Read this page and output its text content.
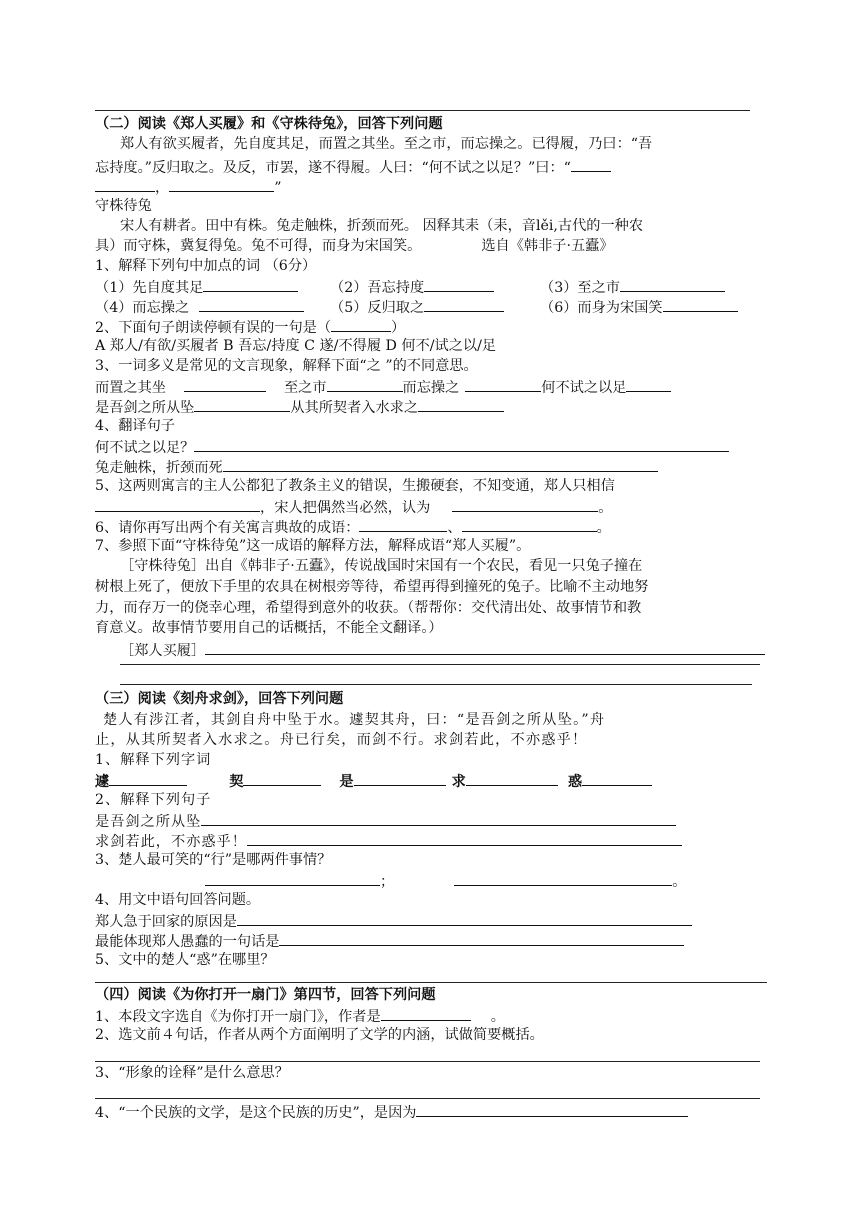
（二）阅读《郑人买履》和《守株待兔》，回答下列问题
郑人有欲买履者，先自度其足，而置之其坐。至之市，而忘操之。已得履，乃曰：“吾
忘持度。”反归取之。及反，市罢，遂不得履。人曰：“何不试之以足？”曰：“
，	”
守株待兔
宋人有耕者。田中有株。兔走触株，折颈而死。 因释其耒（耒，音lěi,古代的一种农
具）而守株，冀复得兔。兔不可得，而身为宋国笑。	选自《韩非子·五蠹》
1、解释下列句中加点的词 （6分）
（1）先自度其足	（2）吾忘持度	（3）至之市
（4）而忘操之	（5）反归取之	（6）而身为宋国笑
2、下面句子朗读停顿有误的一句是（	）
A 郑人/有欲/买履者 B 吾忘/持度 C 遂/不得履 D 何不/试之以/足
3、一词多义是常见的文言现象，解释下面“之 ”的不同意思。
而置之其坐	至之市	而忘操之	何不试之以足
是吾剑之所从坠	从其所契者入水求之
4、翻译句子
何不试之以足？
兔走触株，折颈而死
5、这两则寓言的主人公都犯了教条主义的错误，生搬硬套，不知变通，郑人只相信
，宋人把偶然当必然，认为	。
6、请你再写出两个有关寓言典故的成语：	、	。
7、参照下面“守株待兔”这一成语的解释方法，解释成语“郑人买履”。
［守株待兔］出自《韩非子·五蠹》，传说战国时宋国有一个农民，看见一只兔子撞在
树根上死了，便放下手里的农具在树根旁等待，希望再得到撞死的兔子。比喻不主动地努
力，而存万一的侥幸心理，希望得到意外的收获。（帮帮你：交代清出处、故事情节和教
育意义。故事情节要用自己的话概括，不能全文翻译。）
［郑人买履］
（三）阅读《刻舟求剑》，回答下列问题
楚人有涉江者，其剑自舟中坠于水。遽契其舟，曰：“是吾剑之所从坠。”舟
止，从其所契者入水求之。舟已行矣，而剑不行。求剑若此，不亦惑乎！
1、解释下列字词
遽	契	是	求	惑
2、解释下列句子
是吾剑之所从坠
求剑若此，不亦惑乎！
3、楚人最可笑的“行”是哪两件事情？
；	。
4、用文中语句回答问题。
郑人急于回家的原因是
最能体现郑人愚蠢的一句话是
5、文中的楚人“惑”在哪里？
（四）阅读《为你打开一扇门》第四节，回答下列问题
1、本段文字选自《为你打开一扇门》，作者是	。
2、选文前４句话，作者从两个方面阐明了文学的内涵，试做简要概括。
3、“形象的诠释”是什么意思？
4、“一个民族的文学，是这个民族的历史”，是因为
